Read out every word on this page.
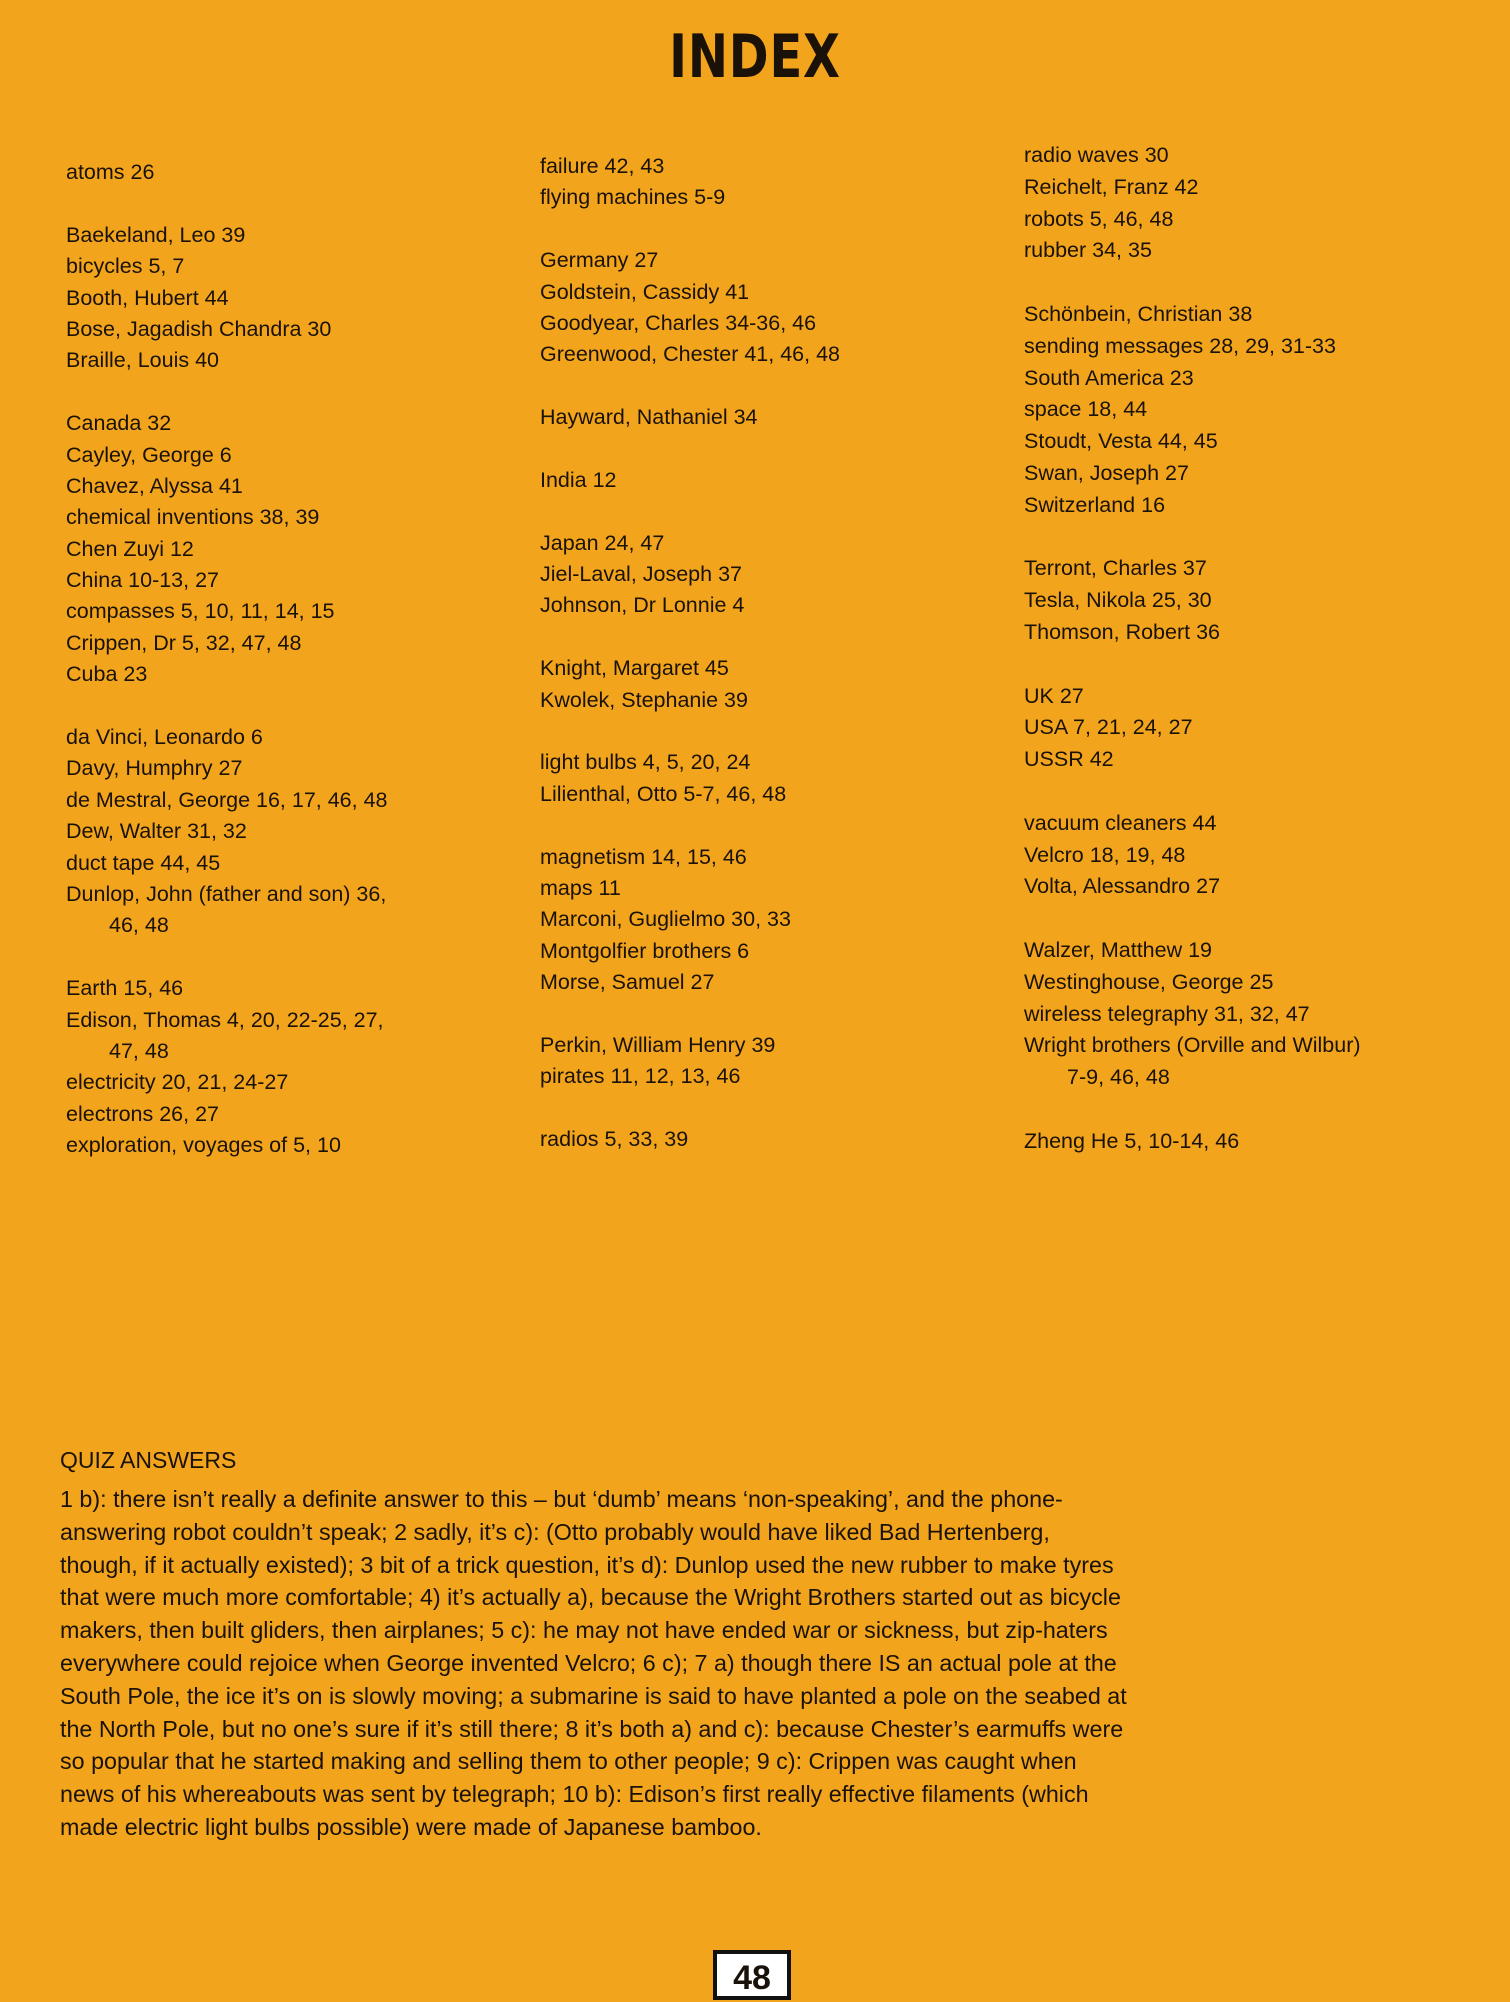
INDEX
atoms 26
Baekeland, Leo 39
bicycles 5, 7
Booth, Hubert 44
Bose, Jagadish Chandra 30
Braille, Louis 40
Canada 32
Cayley, George 6
Chavez, Alyssa 41
chemical inventions 38, 39
Chen Zuyi 12
China 10-13, 27
compasses 5, 10, 11, 14, 15
Crippen, Dr 5, 32, 47, 48
Cuba 23
da Vinci, Leonardo 6
Davy, Humphry 27
de Mestral, George 16, 17, 46, 48
Dew, Walter 31, 32
duct tape 44, 45
Dunlop, John (father and son) 36,
46, 48
Earth 15, 46
Edison, Thomas 4, 20, 22-25, 27,
47, 48
electricity 20, 21, 24-27
electrons 26, 27
exploration, voyages of 5, 10
failure 42, 43
flying machines 5-9
Germany 27
Goldstein, Cassidy 41
Goodyear, Charles 34-36, 46
Greenwood, Chester 41, 46, 48
Hayward, Nathaniel 34
India 12
Japan 24, 47
Jiel-Laval, Joseph 37
Johnson, Dr Lonnie 4
Knight, Margaret 45
Kwolek, Stephanie 39
light bulbs 4, 5, 20, 24
Lilienthal, Otto 5-7, 46, 48
magnetism 14, 15, 46
maps 11
Marconi, Guglielmo 30, 33
Montgolfier brothers 6
Morse, Samuel 27
Perkin, William Henry 39
pirates 11, 12, 13, 46
radios 5, 33, 39
radio waves 30
Reichelt, Franz 42
robots 5, 46, 48
rubber 34, 35
Schönbein, Christian 38
sending messages 28, 29, 31-33
South America 23
space 18, 44
Stoudt, Vesta 44, 45
Swan, Joseph 27
Switzerland 16
Terront, Charles 37
Tesla, Nikola 25, 30
Thomson, Robert 36
UK 27
USA 7, 21, 24, 27
USSR 42
vacuum cleaners 44
Velcro 18, 19, 48
Volta, Alessandro 27
Walzer, Matthew 19
Westinghouse, George 25
wireless telegraphy 31, 32, 47
Wright brothers (Orville and Wilbur)
7-9, 46, 48
Zheng He 5, 10-14, 46
QUIZ ANSWERS
1 b): there isn’t really a definite answer to this – but ‘dumb’ means ‘non-speaking’, and the phone-
answering robot couldn’t speak; 2 sadly, it’s c): (Otto probably would have liked Bad Hertenberg,
though, if it actually existed); 3 bit of a trick question, it’s d): Dunlop used the new rubber to make tyres
that were much more comfortable; 4) it’s actually a), because the Wright Brothers started out as bicycle
makers, then built gliders, then airplanes; 5 c): he may not have ended war or sickness, but zip-haters
everywhere could rejoice when George invented Velcro; 6 c); 7 a) though there IS an actual pole at the
South Pole, the ice it’s on is slowly moving; a submarine is said to have planted a pole on the seabed at
the North Pole, but no one’s sure if it’s still there; 8 it’s both a) and c): because Chester’s earmuffs were
so popular that he started making and selling them to other people; 9 c): Crippen was caught when
news of his whereabouts was sent by telegraph; 10 b): Edison’s first really effective filaments (which
made electric light bulbs possible) were made of Japanese bamboo.
48
